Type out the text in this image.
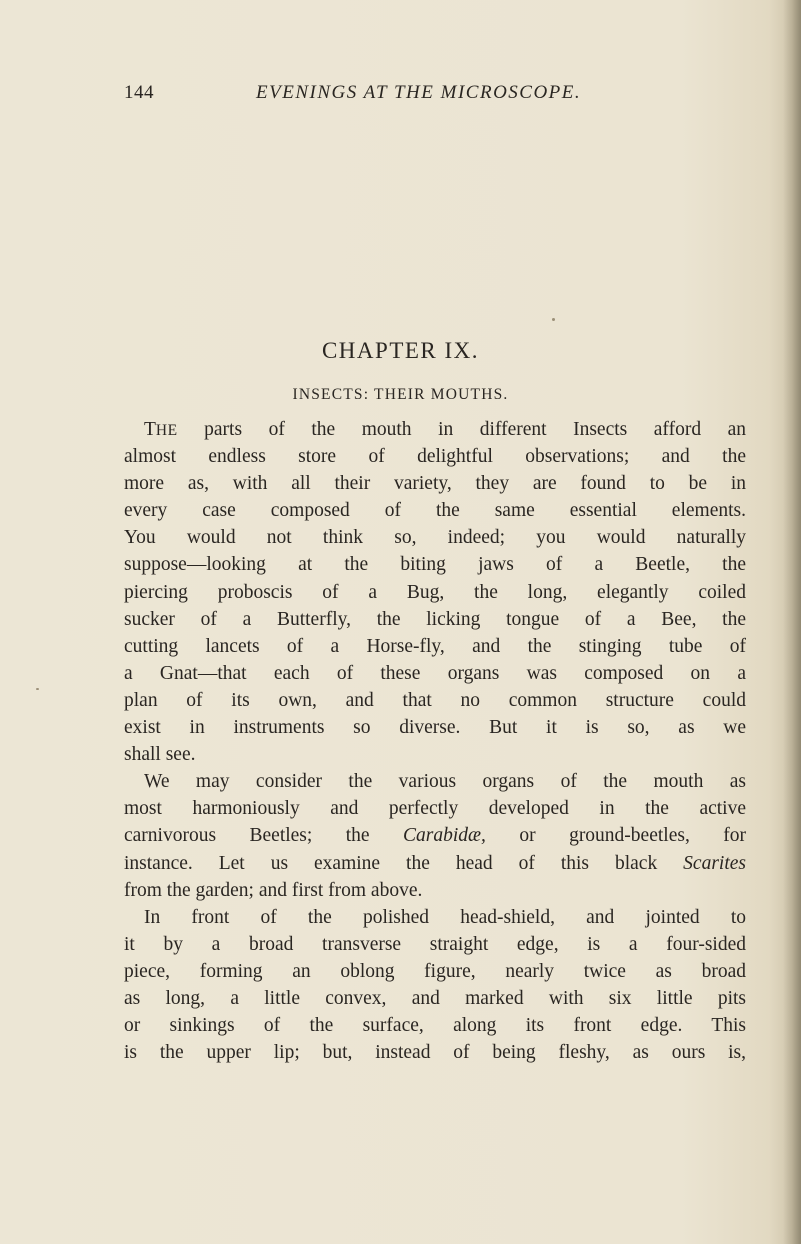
144	EVENINGS AT THE MICROSCOPE.
CHAPTER IX.
INSECTS: THEIR MOUTHS.
THE parts of the mouth in different Insects afford an
almost endless store of delightful observations; and the
more as, with all their variety, they are found to be in
every case composed of the same essential elements.
You would not think so, indeed; you would naturally
suppose—looking at the biting jaws of a Beetle, the
piercing proboscis of a Bug, the long, elegantly coiled
sucker of a Butterfly, the licking tongue of a Bee, the
cutting lancets of a Horse-fly, and the stinging tube of
a Gnat—that each of these organs was composed on a
plan of its own, and that no common structure could
exist in instruments so diverse. But it is so, as we
shall see.
We may consider the various organs of the mouth as
most harmoniously and perfectly developed in the active
carnivorous Beetles; the Carabidæ, or ground-beetles, for
instance. Let us examine the head of this black Scarites
from the garden; and first from above.
In front of the polished head-shield, and jointed to
it by a broad transverse straight edge, is a four-sided
piece, forming an oblong figure, nearly twice as broad
as long, a little convex, and marked with six little pits
or sinkings of the surface, along its front edge. This
is the upper lip; but, instead of being fleshy, as ours is,
